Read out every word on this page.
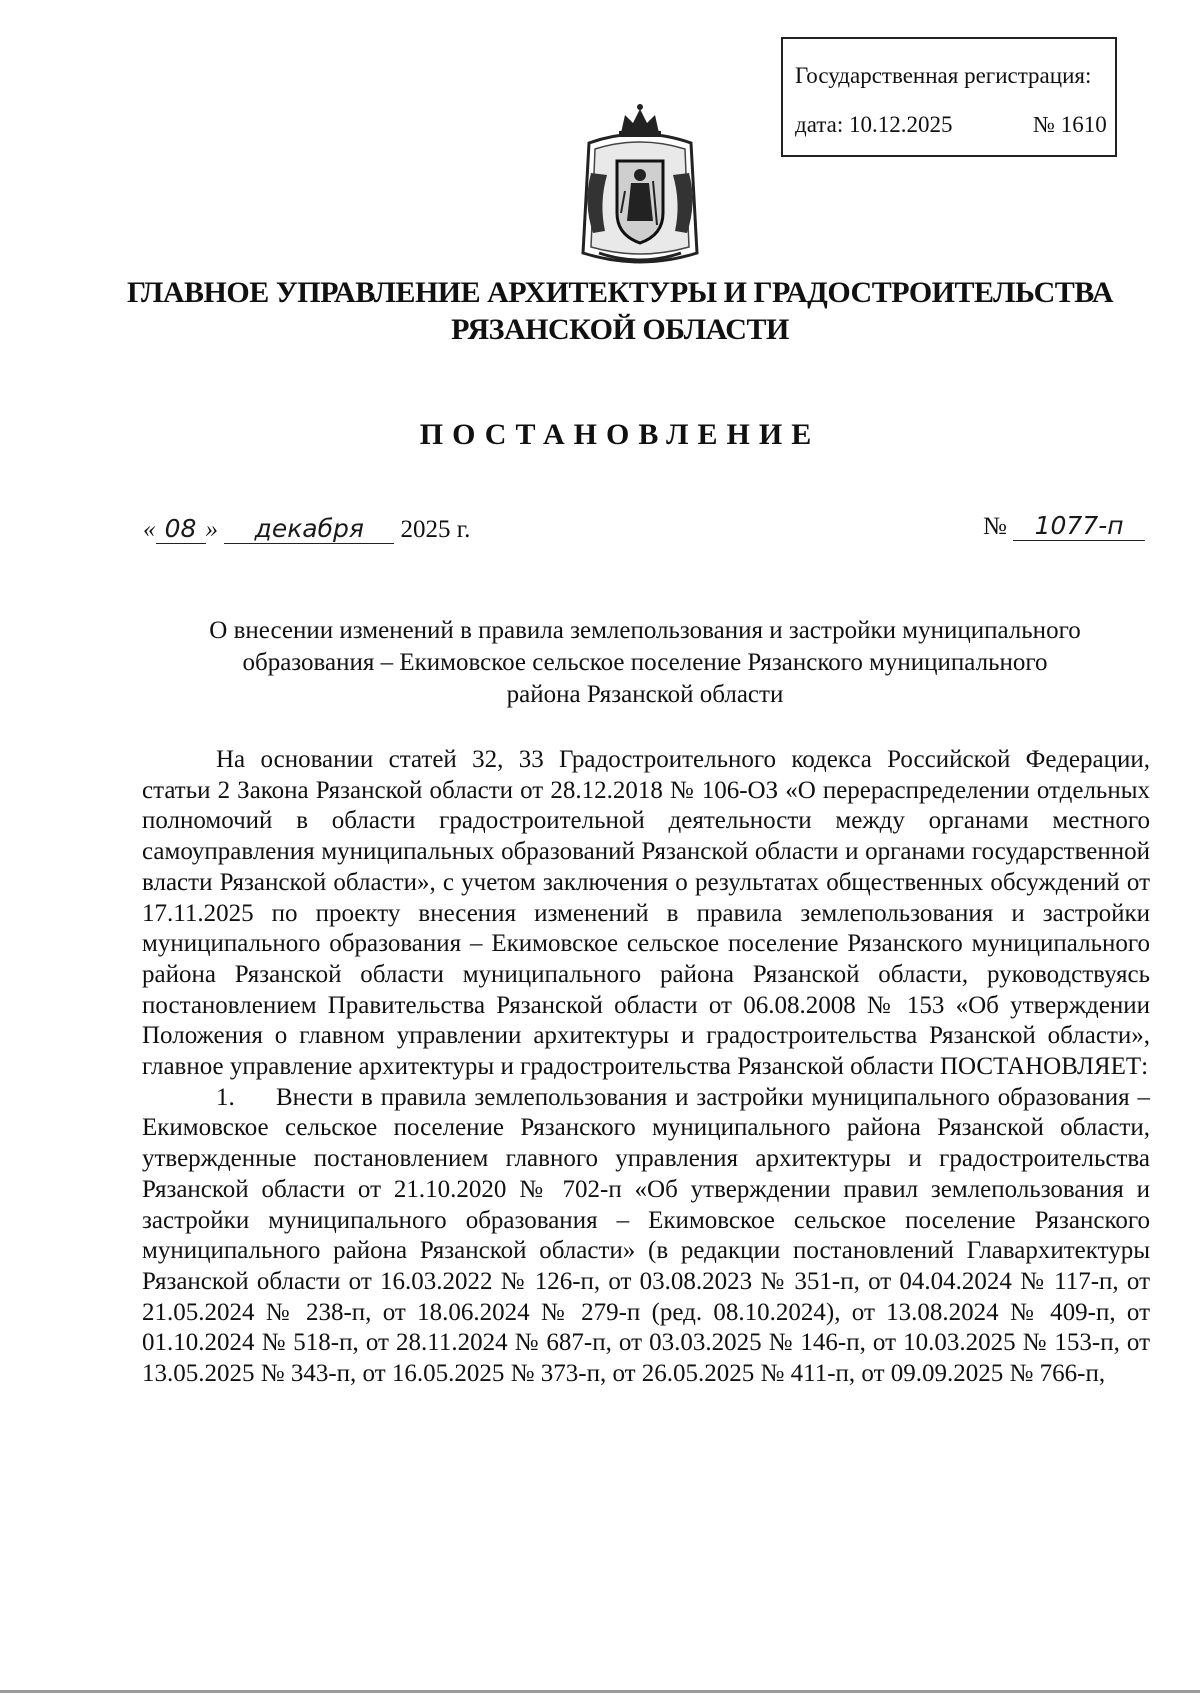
Государственная регистрация:
дата: 10.12.2025	№ 1610
ГЛАВНОЕ УПРАВЛЕНИЕ АРХИТЕКТУРЫ И ГРАДОСТРОИТЕЛЬСТВА
РЯЗАНСКОЙ ОБЛАСТИ
ПОСТАНОВЛЕНИЕ
« 08 » декабря 2025 г.	№ 1077-п
О внесении изменений в правила землепользования и застройки муниципального
образования – Екимовское сельское поселение Рязанского муниципального
района Рязанской области

На основании статей 32, 33 Градостроительного кодекса Российской Федерации, статьи 2 Закона Рязанской области от 28.12.2018 № 106-ОЗ «О перераспределении отдельных полномочий в области градостроительной деятельности между органами местного самоуправления муниципальных образований Рязанской области и органами государственной власти Рязанской области», с учетом заключения о результатах общественных обсуждений от 17.11.2025 по проекту внесения изменений в правила землепользования и застройки муниципального образования – Екимовское сельское поселение Рязанского муниципального района Рязанской области муниципального района Рязанской области, руководствуясь постановлением Правительства Рязанской области от 06.08.2008 № 153 «Об утверждении Положения о главном управлении архитектуры и градостроительства Рязанской области», главное управление архитектуры и градостроительства Рязанской области ПОСТАНОВЛЯЕТ:

1. Внести в правила землепользования и застройки муниципального образования – Екимовское сельское поселение Рязанского муниципального района Рязанской области, утвержденные постановлением главного управления архитектуры и градостроительства Рязанской области от 21.10.2020 № 702-п «Об утверждении правил землепользования и застройки муниципального образования – Екимовское сельское поселение Рязанского муниципального района Рязанской области» (в редакции постановлений Главархитектуры Рязанской области от 16.03.2022 № 126-п, от 03.08.2023 № 351-п, от 04.04.2024 № 117-п, от 21.05.2024 № 238-п, от 18.06.2024 № 279-п (ред. 08.10.2024), от 13.08.2024 № 409-п, от 01.10.2024 № 518-п, от 28.11.2024 № 687-п, от 03.03.2025 № 146-п, от 10.03.2025 № 153-п, от 13.05.2025 № 343-п, от 16.05.2025 № 373-п, от 26.05.2025 № 411-п, от 09.09.2025 № 766-п,
